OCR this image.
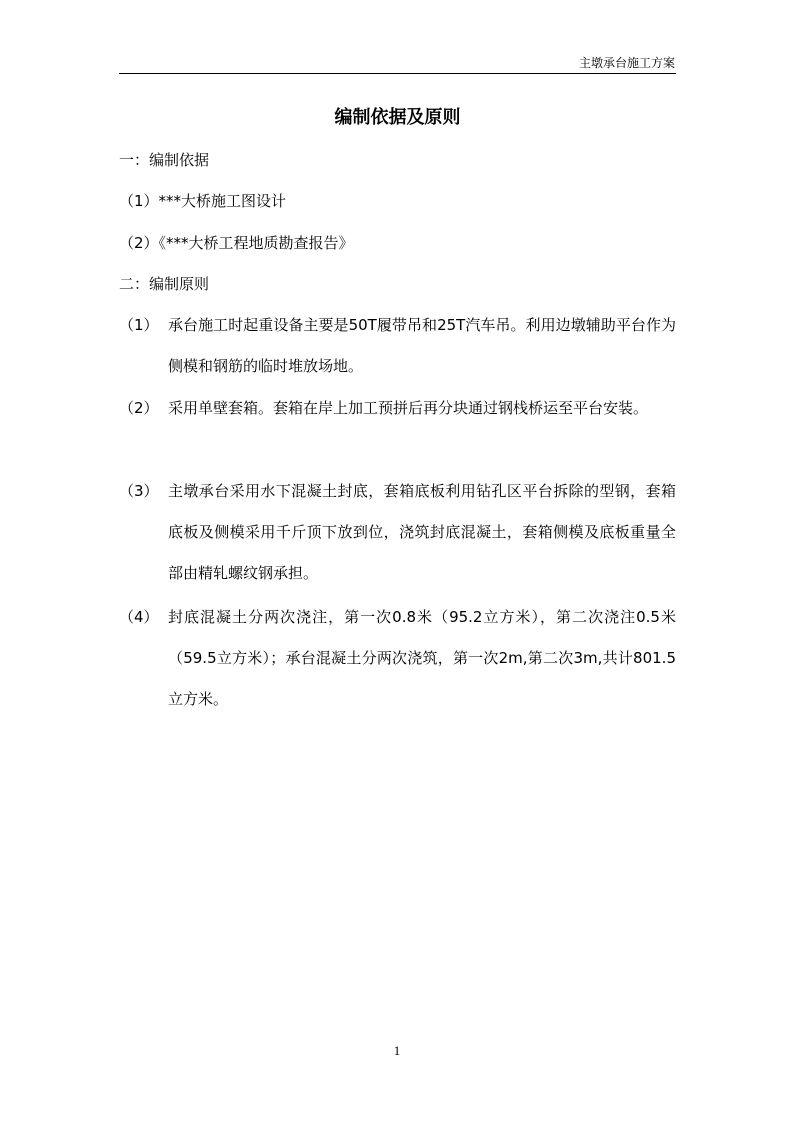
主墩承台施工方案
编制依据及原则
一：编制依据
（1）***大桥施工图设计
（2）《***大桥工程地质勘查报告》
二：编制原则
（1） 承台施工时起重设备主要是50T履带吊和25T汽车吊。利用边墩辅助平台作为侧模和钢筋的临时堆放场地。
（2） 采用单壁套箱。套箱在岸上加工预拼后再分块通过钢栈桥运至平台安装。
（3） 主墩承台采用水下混凝土封底，套箱底板利用钻孔区平台拆除的型钢，套箱底板及侧模采用千斤顶下放到位，浇筑封底混凝土，套箱侧模及底板重量全部由精轧螺纹钢承担。
（4） 封底混凝土分两次浇注，第一次0.8米（95.2立方米），第二次浇注0.5米（59.5立方米）；承台混凝土分两次浇筑，第一次2m,第二次3m,共计801.5立方米。
1
